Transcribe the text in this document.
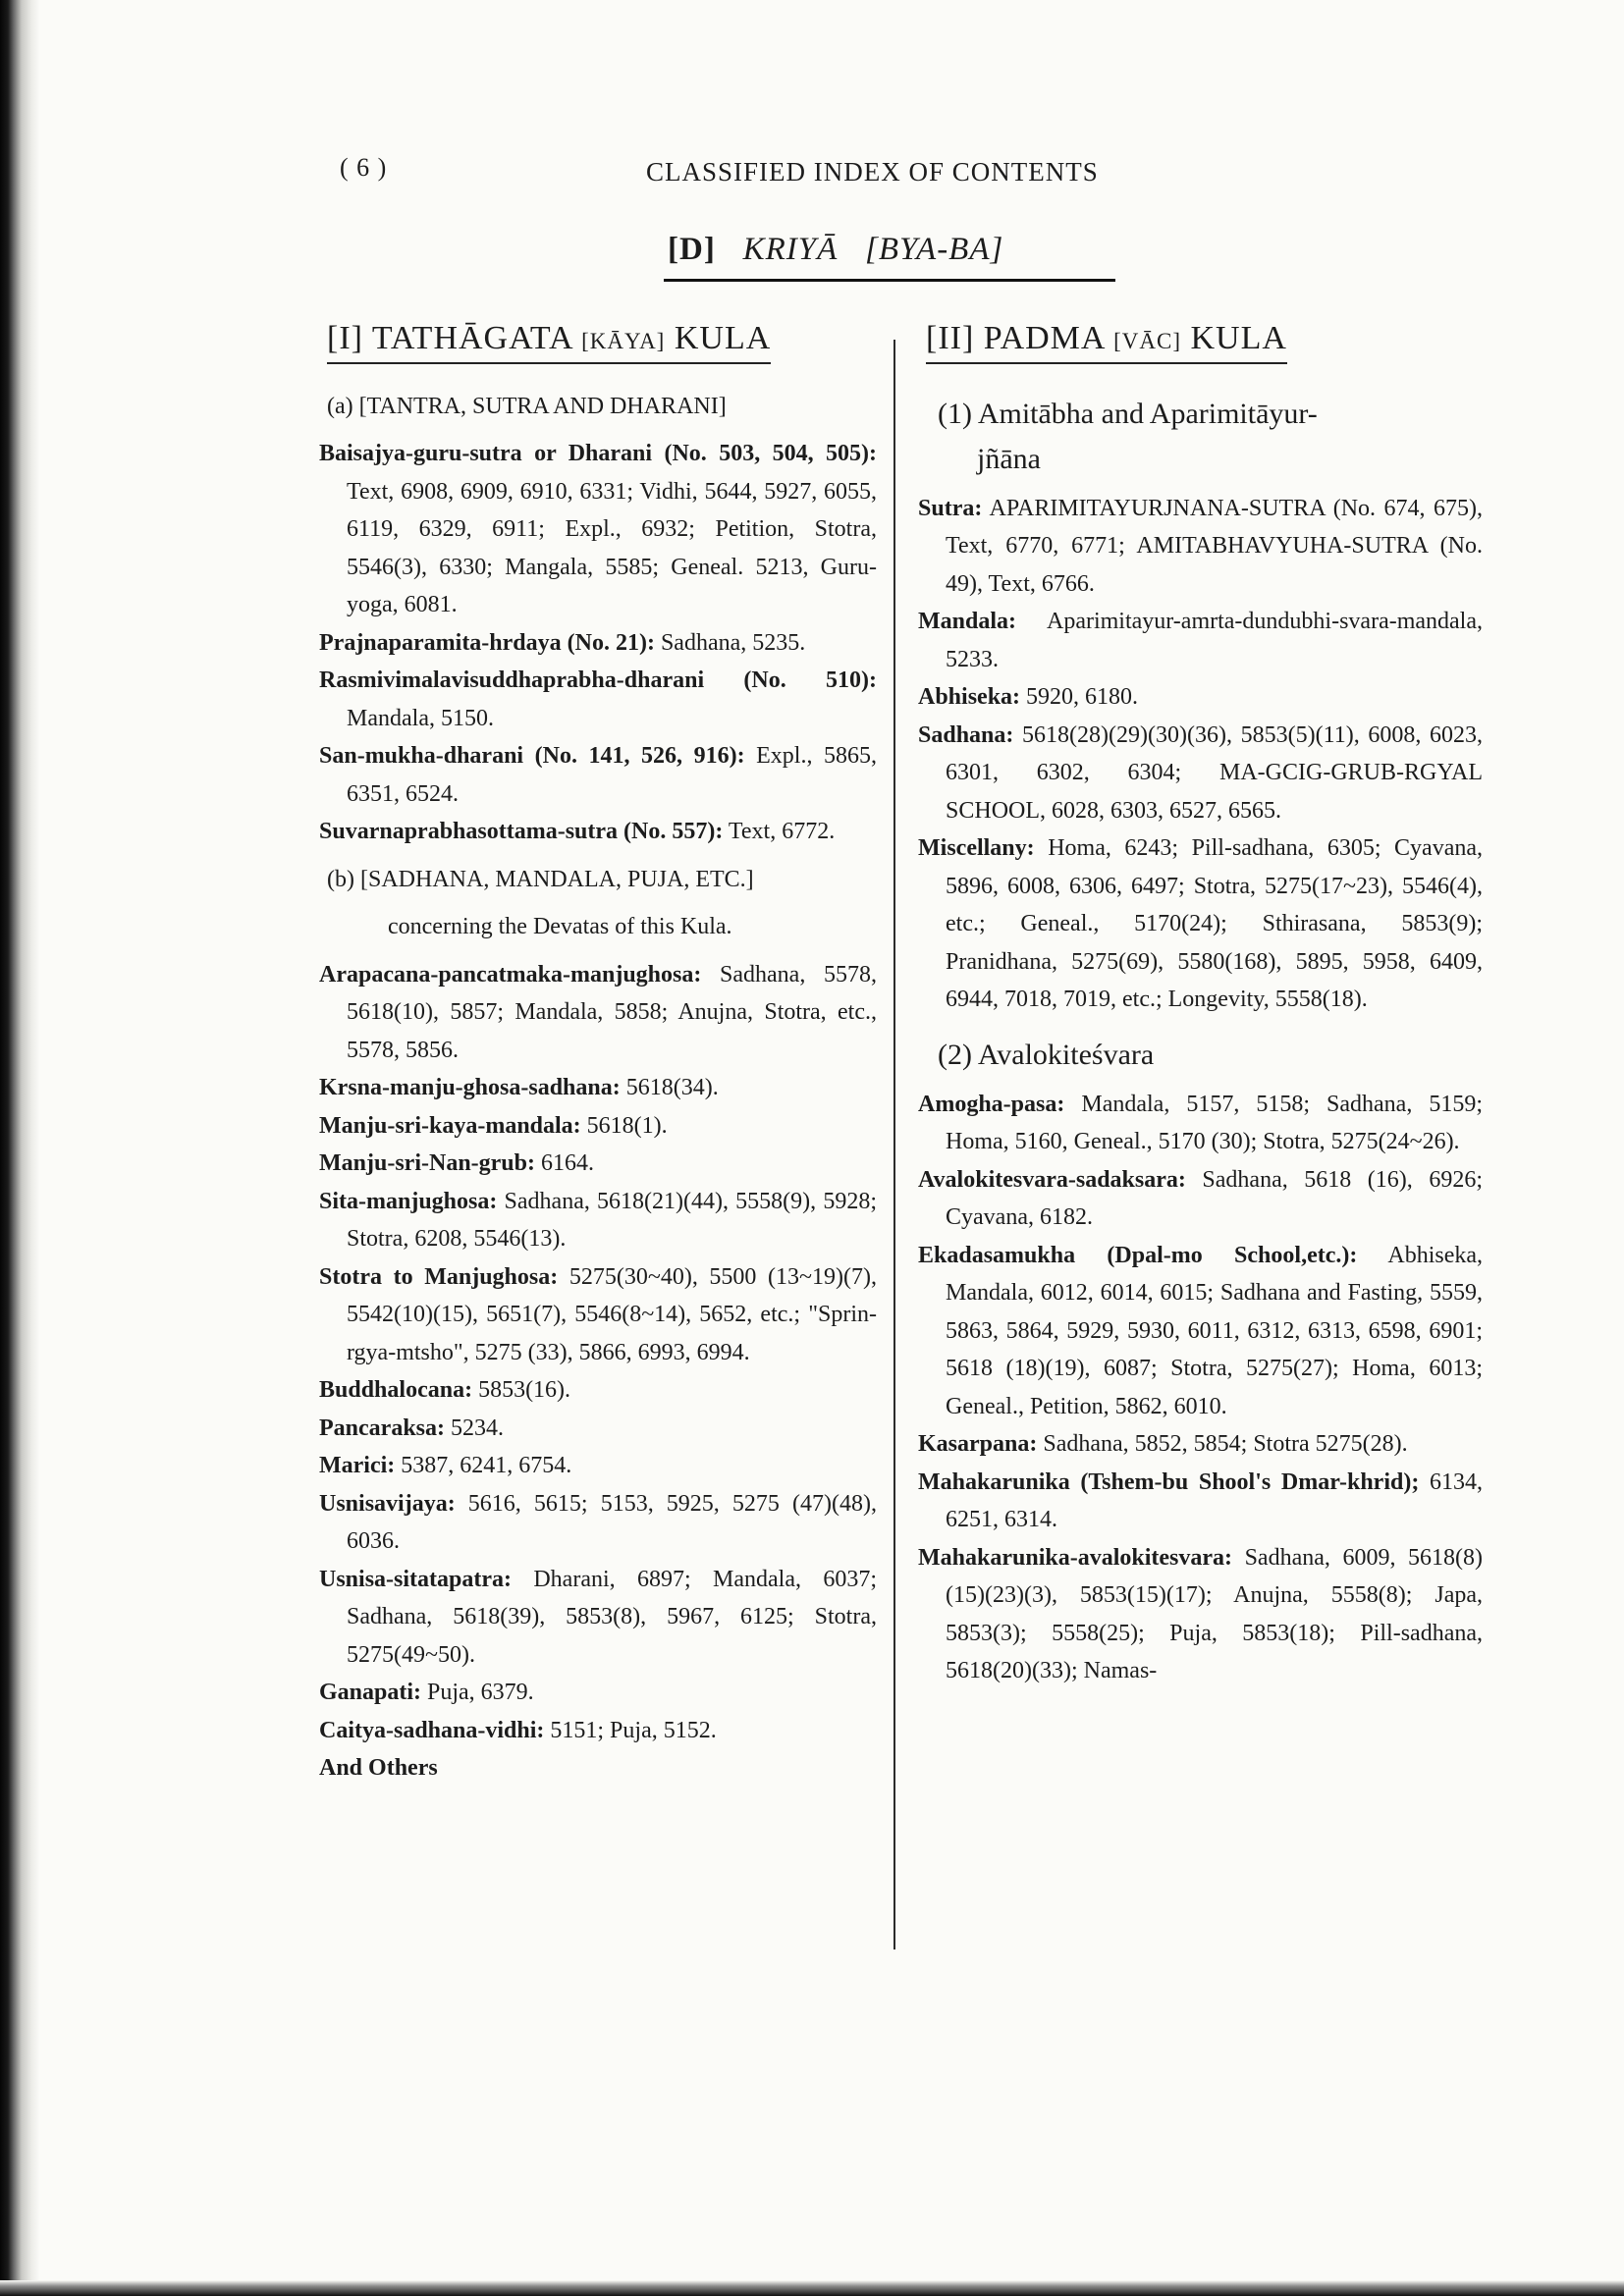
( 6 )	CLASSIFIED INDEX OF CONTENTS
[D] KRIYĀ [BYA-BA]
[I] TATHĀGATA [KĀYA] KULA
(a) [TANTRA, SUTRA AND DHARANI]

Baisajya-guru-sutra or Dharani (No. 503, 504, 505): Text, 6908, 6909, 6910, 6331; Vidhi, 5644, 5927, 6055, 6119, 6329, 6911; Expl., 6932; Petition, Stotra, 5546(3), 6330; Mangala, 5585; Geneal. 5213, Guru-yoga, 6081.

Prajnaparamita-hrdaya (No. 21): Sadhana, 5235.

Rasmivimalavisuddhaprabha-dharani (No. 510): Mandala, 5150.

San-mukha-dharani (No. 141, 526, 916): Expl., 5865, 6351, 6524.

Suvarnaprabhasottama-sutra (No. 557): Text, 6772.

(b) [SADHANA, MANDALA, PUJA, ETC.]
concerning the Devatas of this Kula.

Arapacana-pancatmaka-manjughosa: Sadhana, 5578, 5618(10), 5857; Mandala, 5858; Anujna, Stotra, etc., 5578, 5856.

Krsna-manju-ghosa-sadhana: 5618(34).

Manju-sri-kaya-mandala: 5618(1).

Manju-sri-Nan-grub: 6164.

Sita-manjughosa: Sadhana, 5618(21)(44), 5558(9), 5928; Stotra, 6208, 5546(13).

Stotra to Manjughosa: 5275(30~40), 5500 (13~19)(7), 5542(10)(15), 5651(7), 5546(8~14), 5652, etc.; "Sprin-rgya-mtsho", 5275 (33), 5866, 6993, 6994.

Buddhalocana: 5853(16).

Pancaraksa: 5234.

Marici: 5387, 6241, 6754.

Usnisavijaya: 5616, 5615; 5153, 5925, 5275 (47)(48), 6036.

Usnisa-sitatapatra: Dharani, 6897; Mandala, 6037; Sadhana, 5618(39), 5853(8), 5967, 6125; Stotra, 5275(49~50).

Ganapati: Puja, 6379.

Caitya-sadhana-vidhi: 5151; Puja, 5152.

And Others

[II] PADMA [VĀC] KULA
(1) Amitābha and Aparimitāyur-
jñāna

Sutra: APARIMITAYURJNANA-SUTRA (No. 674, 675), Text, 6770, 6771; AMITABHAVYUHA-SUTRA (No. 49), Text, 6766.

Mandala: Aparimitayur-amrta-dundubhi-svara-mandala, 5233.

Abhiseka: 5920, 6180.

Sadhana: 5618(28)(29)(30)(36), 5853(5)(11), 6008, 6023, 6301, 6302, 6304; MA-GCIG-GRUB-RGYAL SCHOOL, 6028, 6303, 6527, 6565.

Miscellany: Homa, 6243; Pill-sadhana, 6305; Cyavana, 5896, 6008, 6306, 6497; Stotra, 5275(17~23), 5546(4), etc.; Geneal., 5170(24); Sthirasana, 5853(9); Pranidhana, 5275(69), 5580(168), 5895, 5958, 6409, 6944, 7018, 7019, etc.; Longevity, 5558(18).

(2) Avalokiteśvara

Amogha-pasa: Mandala, 5157, 5158; Sadhana, 5159; Homa, 5160, Geneal., 5170 (30); Stotra, 5275(24~26).

Avalokitesvara-sadaksara: Sadhana, 5618 (16), 6926; Cyavana, 6182.

Ekadasamukha (Dpal-mo School,etc.): Abhiseka, Mandala, 6012, 6014, 6015; Sadhana and Fasting, 5559, 5863, 5864, 5929, 5930, 6011, 6312, 6313, 6598, 6901; 5618 (18)(19), 6087; Stotra, 5275(27); Homa, 6013; Geneal., Petition, 5862, 6010.

Kasarpana: Sadhana, 5852, 5854; Stotra 5275(28).

Mahakarunika (Tshem-bu Shool's Dmar-khrid); 6134, 6251, 6314.

Mahakarunika-avalokitesvara: Sadhana, 6009, 5618(8)(15)(23)(3), 5853(15)(17); Anujna, 5558(8); Japa, 5853(3); 5558(25); Puja, 5853(18); Pill-sadhana, 5618(20)(33); Namas-
